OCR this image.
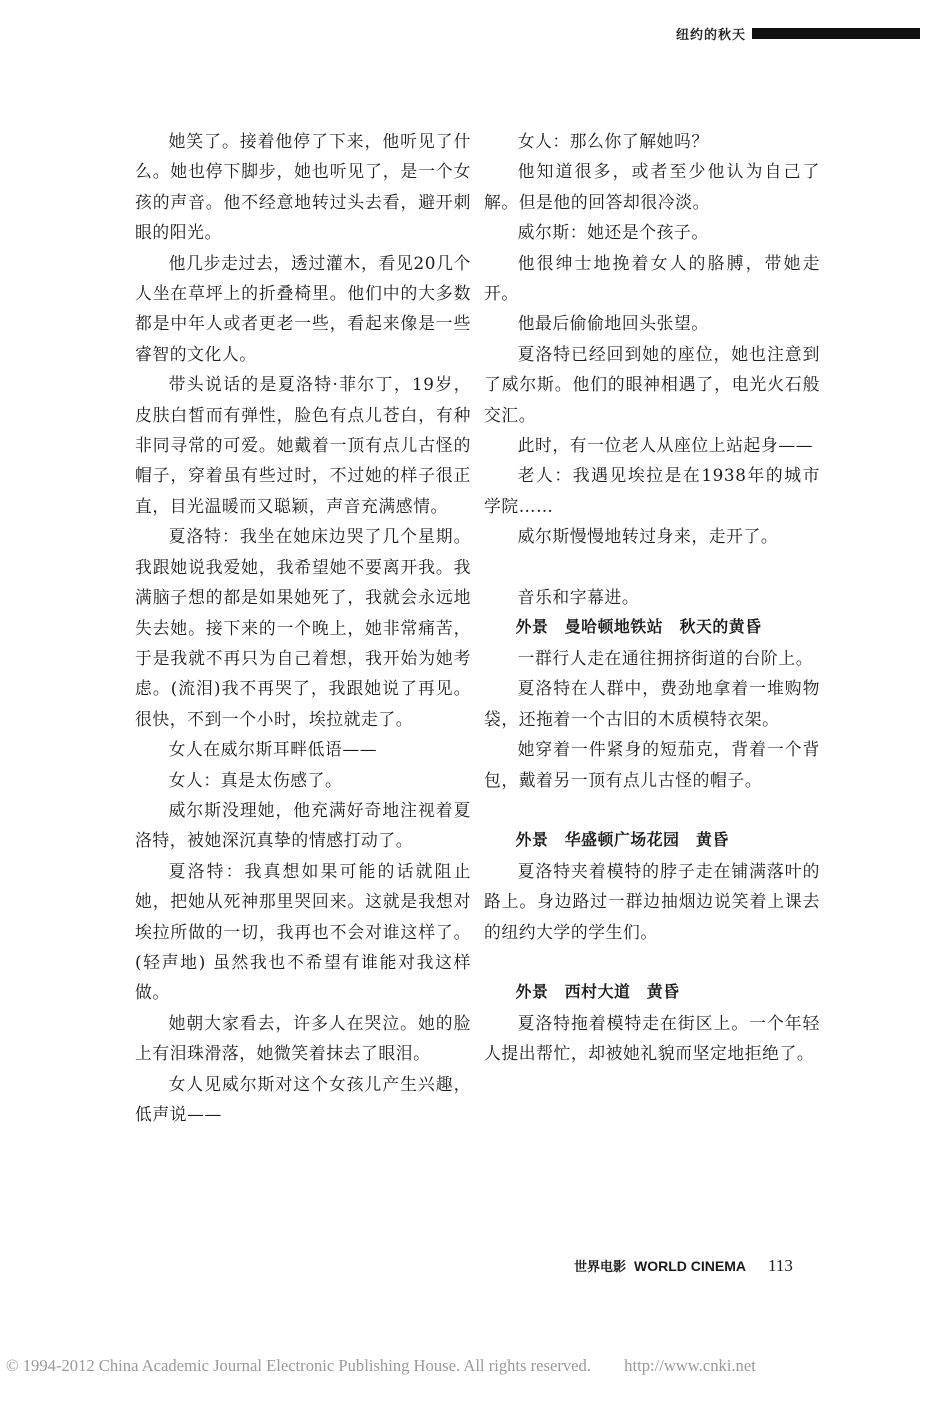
纽约的秋天

她笑了。接着他停了下来，他听见了什么。她也停下脚步，她也听见了，是一个女孩的声音。他不经意地转过头去看，避开刺眼的阳光。

他几步走过去，透过灌木，看见20几个人坐在草坪上的折叠椅里。他们中的大多数都是中年人或者更老一些，看起来像是一些睿智的文化人。

带头说话的是夏洛特·菲尔丁，19岁，皮肤白皙而有弹性，脸色有点儿苍白，有种非同寻常的可爱。她戴着一顶有点儿古怪的帽子，穿着虽有些过时，不过她的样子很正直，目光温暖而又聪颖，声音充满感情。

夏洛特：我坐在她床边哭了几个星期。我跟她说我爱她，我希望她不要离开我。我满脑子想的都是如果她死了，我就会永远地失去她。接下来的一个晚上，她非常痛苦，于是我就不再只为自己着想，我开始为她考虑。(流泪)我不再哭了，我跟她说了再见。很快，不到一个小时，埃拉就走了。

女人在威尔斯耳畔低语——

女人：真是太伤感了。

威尔斯没理她，他充满好奇地注视着夏洛特，被她深沉真挚的情感打动了。

夏洛特：我真想如果可能的话就阻止她，把她从死神那里哭回来。这就是我想对埃拉所做的一切，我再也不会对谁这样了。(轻声地) 虽然我也不希望有谁能对我这样做。

她朝大家看去，许多人在哭泣。她的脸上有泪珠滑落，她微笑着抹去了眼泪。

女人见威尔斯对这个女孩儿产生兴趣，低声说——

女人：那么你了解她吗？

他知道很多，或者至少他认为自己了解。但是他的回答却很冷淡。

威尔斯：她还是个孩子。

他很绅士地挽着女人的胳膊，带她走开。

他最后偷偷地回头张望。

夏洛特已经回到她的座位，她也注意到了威尔斯。他们的眼神相遇了，电光火石般交汇。

此时，有一位老人从座位上站起身——

老人：我遇见埃拉是在1938年的城市学院……

威尔斯慢慢地转过身来，走开了。

音乐和字幕进。

外景　曼哈顿地铁站　秋天的黄昏

一群行人走在通往拥挤街道的台阶上。

夏洛特在人群中，费劲地拿着一堆购物袋，还拖着一个古旧的木质模特衣架。

她穿着一件紧身的短茄克，背着一个背包，戴着另一顶有点儿古怪的帽子。

外景　华盛顿广场花园　黄昏

夏洛特夹着模特的脖子走在铺满落叶的路上。身边路过一群边抽烟边说笑着上课去的纽约大学的学生们。

外景　西村大道　黄昏

夏洛特拖着模特走在街区上。一个年轻人提出帮忙，却被她礼貌而坚定地拒绝了。

世界电影 WORLD CINEMA 113
© 1994-2012 China Academic Journal Electronic Publishing House. All rights reserved.　　http://www.cnki.net
